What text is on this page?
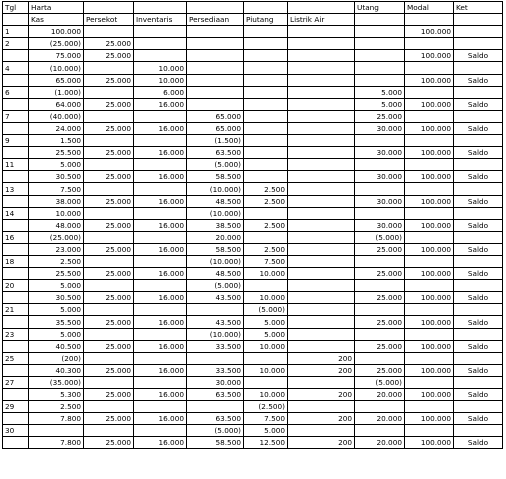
Tgl	Harta						Utang	Modal	Ket
	Kas	Persekot	Inventaris	Persediaan	Piutang	Listrik Air			
1	100.000							100.000	
2	(25.000)	25.000							
	75.000	25.000						100.000	Saldo
4	(10.000)		10.000						
	65.000	25.000	10.000					100.000	Saldo
6	(1.000)		6.000				5.000		
	64.000	25.000	16.000				5.000	100.000	Saldo
7	(40.000)			65.000			25.000		
	24.000	25.000	16.000	65.000			30.000	100.000	Saldo
9	1.500			(1.500)					
	25.500	25.000	16.000	63.500			30.000	100.000	Saldo
11	5.000			(5.000)					
	30.500	25.000	16.000	58.500			30.000	100.000	Saldo
13	7.500			(10.000)	2.500				
	38.000	25.000	16.000	48.500	2.500		30.000	100.000	Saldo
14	10.000			(10.000)					
	48.000	25.000	16.000	38.500	2.500		30.000	100.000	Saldo
16	(25.000)			20.000			(5.000)		
	23.000	25.000	16.000	58.500	2.500		25.000	100.000	Saldo
18	2.500			(10.000)	7.500				
	25.500	25.000	16.000	48.500	10.000		25.000	100.000	Saldo
20	5.000			(5.000)					
	30.500	25.000	16.000	43.500	10.000		25.000	100.000	Saldo
21	5.000				(5.000)				
	35.500	25.000	16.000	43.500	5.000		25.000	100.000	Saldo
23	5.000			(10.000)	5.000				
	40.500	25.000	16.000	33.500	10.000		25.000	100.000	Saldo
25	(200)					200			
	40.300	25.000	16.000	33.500	10.000	200	25.000	100.000	Saldo
27	(35.000)			30.000			(5.000)		
	5.300	25.000	16.000	63.500	10.000	200	20.000	100.000	Saldo
29	2.500				(2.500)				
	7.800	25.000	16.000	63.500	7.500	200	20.000	100.000	Saldo
30				(5.000)	5.000				
	7.800	25.000	16.000	58.500	12.500	200	20.000	100.000	Saldo
